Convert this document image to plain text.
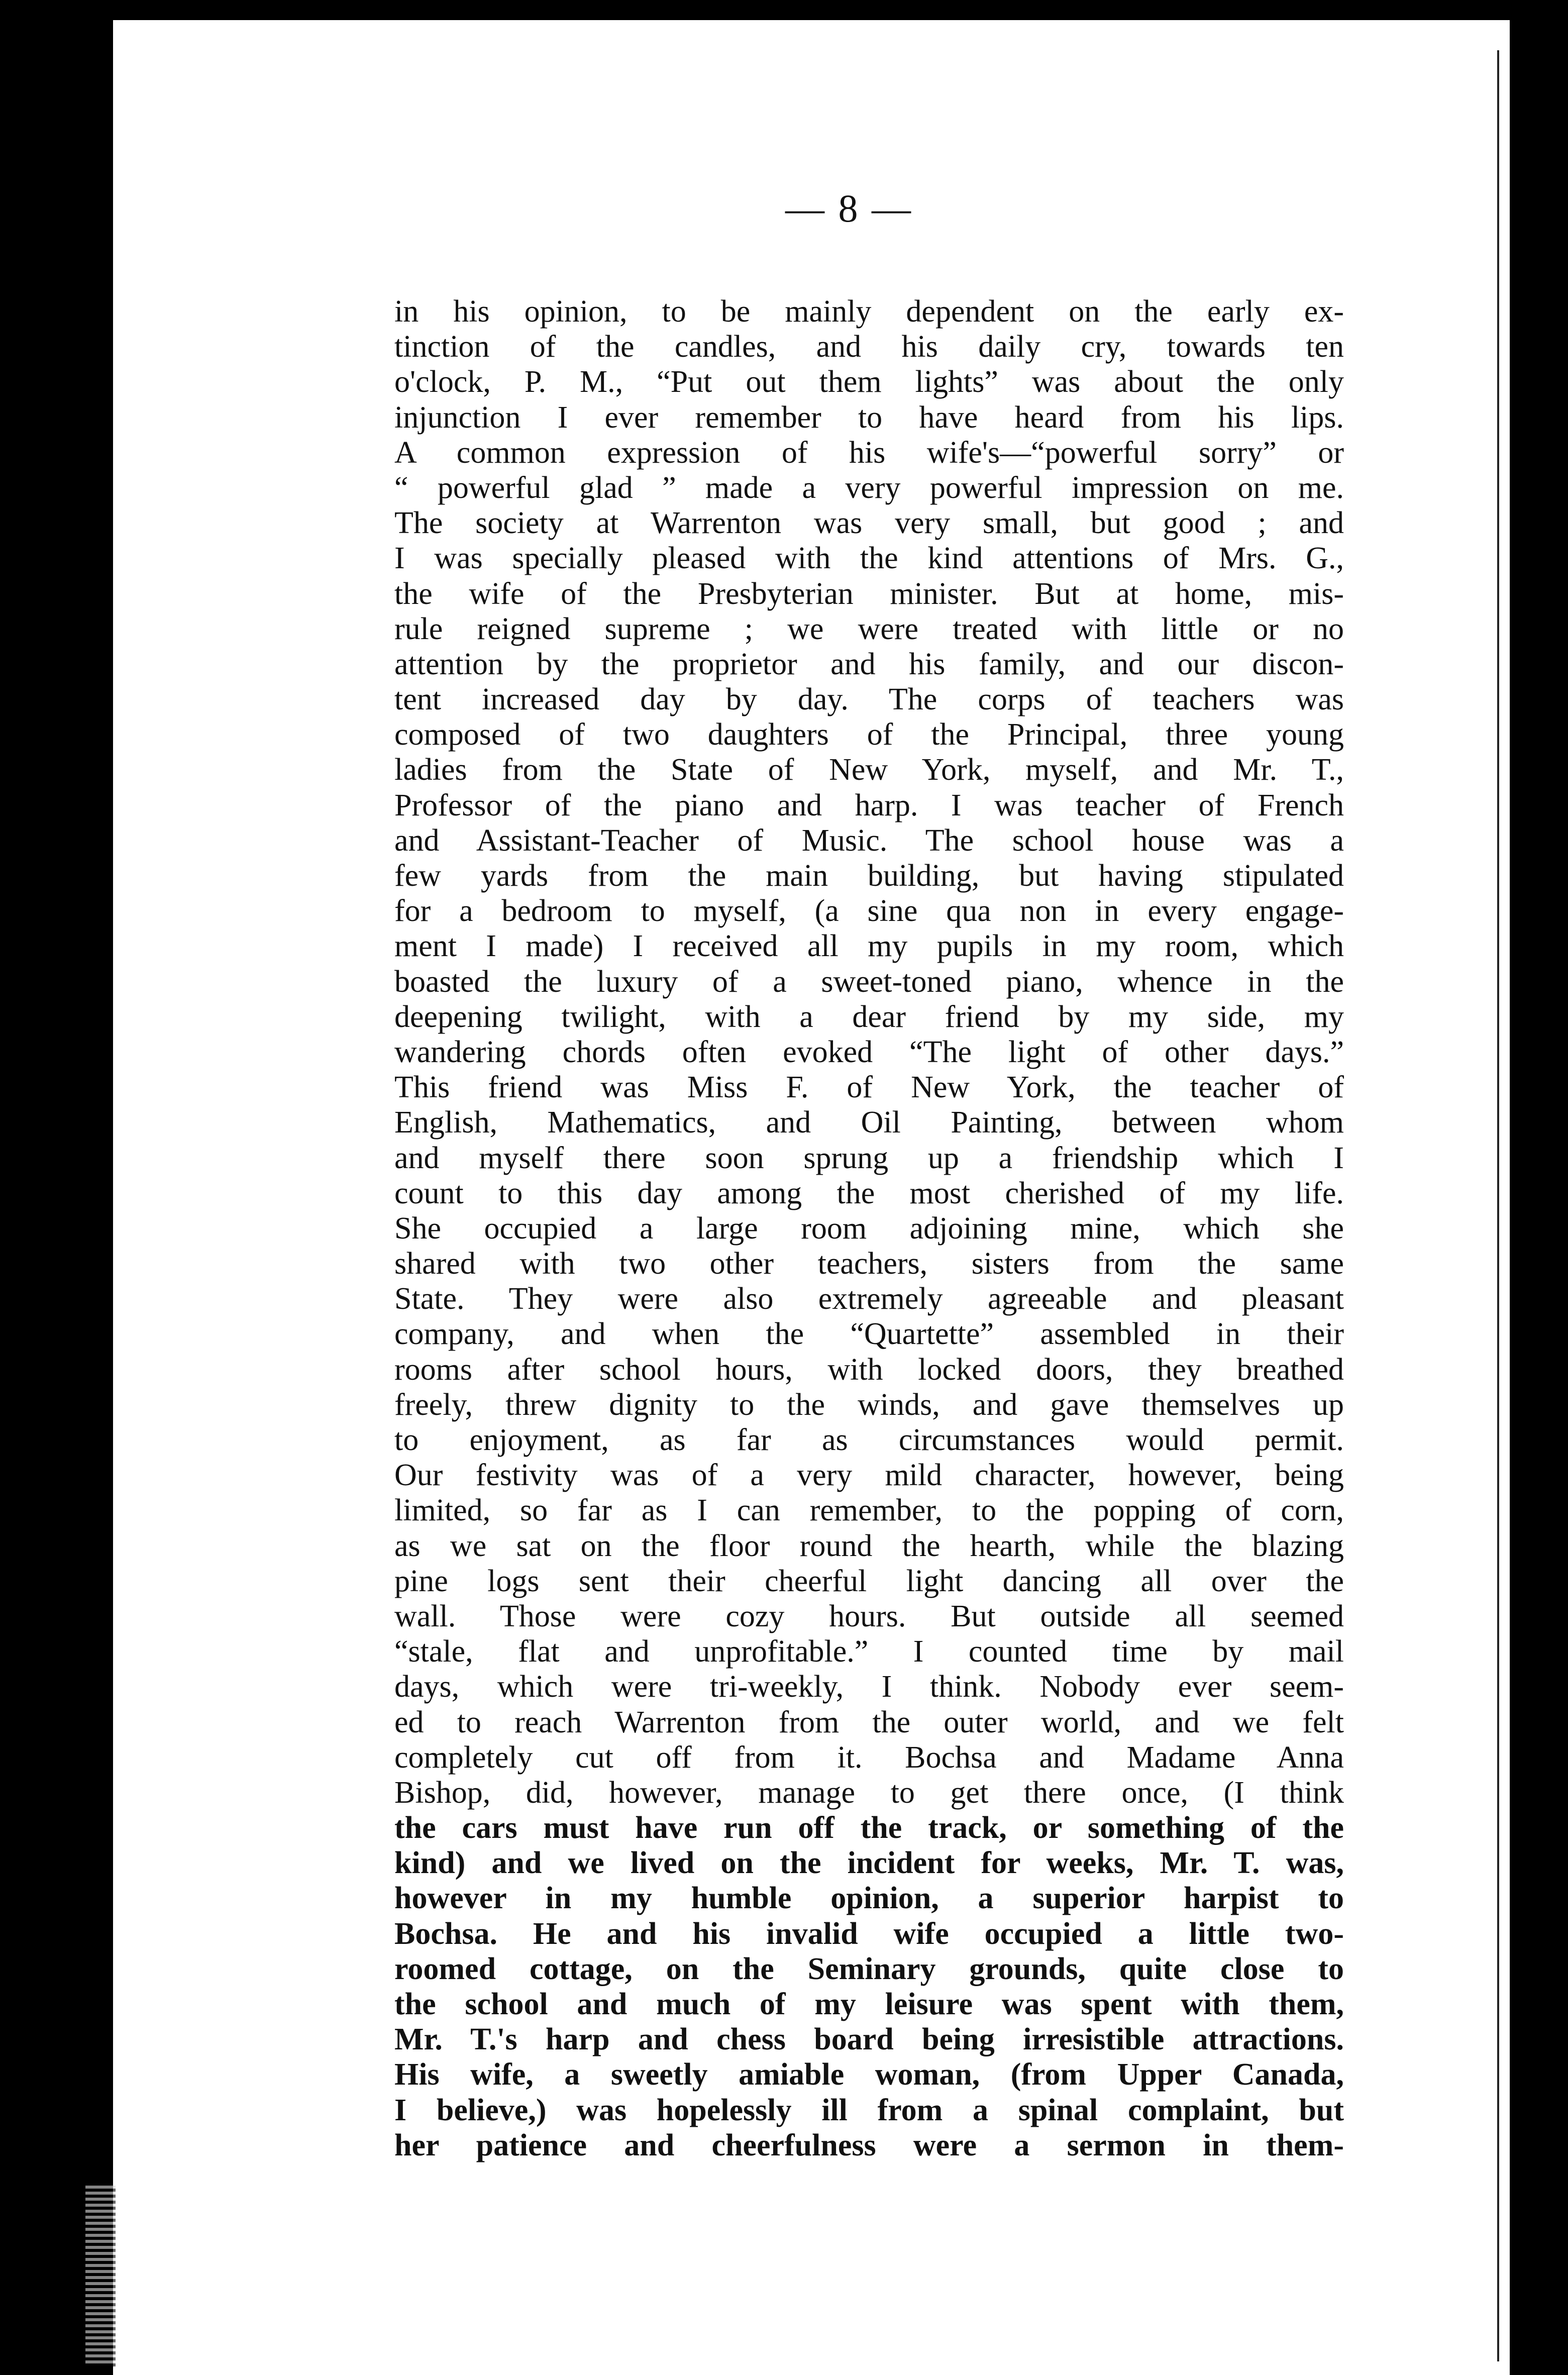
— 8 —
in his opinion, to be mainly dependent on the early ex-
tinction of the candles, and his daily cry, towards ten
o'clock, P. M., “Put out them lights” was about the only
injunction I ever remember to have heard from his lips.
A common expression of his wife's—“powerful sorry” or
“ powerful glad ” made a very powerful impression on me.
The society at Warrenton was very small, but good ; and
I was specially pleased with the kind attentions of Mrs. G.,
the wife of the Presbyterian minister. But at home, mis-
rule reigned supreme ; we were treated with little or no
attention by the proprietor and his family, and our discon-
tent increased day by day. The corps of teachers was
composed of two daughters of the Principal, three young
ladies from the State of New York, myself, and Mr. T.,
Professor of the piano and harp. I was teacher of French
and Assistant-Teacher of Music. The school house was a
few yards from the main building, but having stipulated
for a bedroom to myself, (a sine qua non in every engage-
ment I made) I received all my pupils in my room, which
boasted the luxury of a sweet-toned piano, whence in the
deepening twilight, with a dear friend by my side, my
wandering chords often evoked “The light of other days.”
This friend was Miss F. of New York, the teacher of
English, Mathematics, and Oil Painting, between whom
and myself there soon sprung up a friendship which I
count to this day among the most cherished of my life.
She occupied a large room adjoining mine, which she
shared with two other teachers, sisters from the same
State. They were also extremely agreeable and pleasant
company, and when the “Quartette” assembled in their
rooms after school hours, with locked doors, they breathed
freely, threw dignity to the winds, and gave themselves up
to enjoyment, as far as circumstances would permit.
Our festivity was of a very mild character, however, being
limited, so far as I can remember, to the popping of corn,
as we sat on the floor round the hearth, while the blazing
pine logs sent their cheerful light dancing all over the
wall. Those were cozy hours. But outside all seemed
“stale, flat and unprofitable.” I counted time by mail
days, which were tri-weekly, I think. Nobody ever seem-
ed to reach Warrenton from the outer world, and we felt
completely cut off from it. Bochsa and Madame Anna
Bishop, did, however, manage to get there once, (I think
the cars must have run off the track, or something of the
kind) and we lived on the incident for weeks, Mr. T. was,
however in my humble opinion, a superior harpist to
Bochsa. He and his invalid wife occupied a little two-
roomed cottage, on the Seminary grounds, quite close to
the school and much of my leisure was spent with them,
Mr. T.'s harp and chess board being irresistible attractions.
His wife, a sweetly amiable woman, (from Upper Canada,
I believe,) was hopelessly ill from a spinal complaint, but
her patience and cheerfulness were a sermon in them-
